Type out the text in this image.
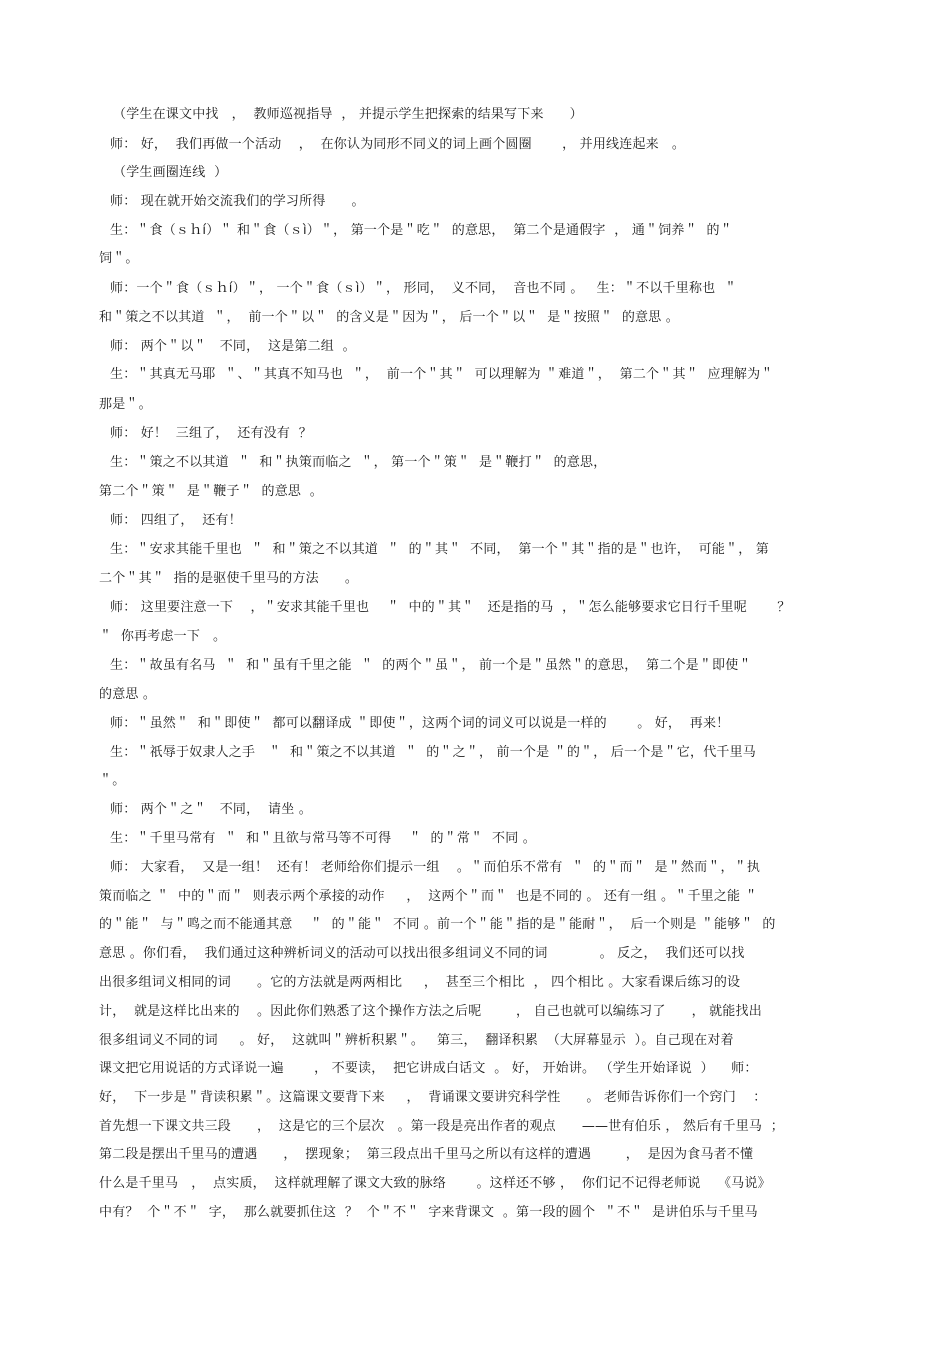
（学生在课文中找   ，  教师巡视指导  ， 并提示学生把探索的结果写下来      ）
师： 好，  我们再做一个活动    ，  在你认为同形不同义的词上画个圆圈       ， 并用线连起来   。
（学生画圈连线  ）
师： 现在就开始交流我们的学习所得      。
生：＂食（ｓｈí）＂ 和＂食（ｓì）＂， 第一个是＂吃＂  的意思，  第二个是通假字  ， 通＂饲养＂  的＂
饲＂。
师：一个＂食（ｓｈí）＂， 一个＂食（ｓì）＂， 形同，  义不同，  音也不同 。   生：＂不以千里称也  ＂
和＂策之不以其道  ＂，  前一个＂以＂  的含义是＂因为＂， 后一个＂以＂  是＂按照＂  的意思 。
师： 两个＂以＂   不同，  这是第二组  。
生：＂其真无马耶  ＂、＂其真不知马也  ＂，  前一个＂其＂  可以理解为 ＂难道＂，  第二个＂其＂  应理解为＂
那是＂。
师： 好！  三组了，  还有没有  ？
生：＂策之不以其道  ＂  和＂执策而临之  ＂， 第一个＂策＂  是＂鞭打＂  的意思，
第二个＂策＂  是＂鞭子＂  的意思  。
师： 四组了，  还有！
生：＂安求其能千里也  ＂  和＂策之不以其道  ＂  的＂其＂  不同，  第一个＂其＂指的是＂也许，  可能＂， 第
二个＂其＂  指的是驱使千里马的方法      。
师： 这里要注意一下    ，＂安求其能千里也    ＂  中的＂其＂   还是指的马  ，＂怎么能够要求它日行千里呢       ？
＂  你再考虑一下   。
生：＂故虽有名马  ＂  和＂虽有千里之能  ＂  的两个＂虽＂， 前一个是＂虽然＂的意思，  第二个是＂即使＂
的意思 。
师：＂虽然＂  和＂即使＂  都可以翻译成 ＂即使＂，这两个词的词义可以说是一样的       。 好，  再来！
生：＂祇辱于奴隶人之手   ＂  和＂策之不以其道  ＂  的＂之＂， 前一个是 ＂的＂， 后一个是＂它，代千里马
＂。
师： 两个＂之＂   不同，  请坐 。
生：＂千里马常有  ＂  和＂且欲与常马等不可得    ＂  的＂常＂  不同 。
师： 大家看，  又是一组！  还有！ 老师给你们提示一组    。＂而伯乐不常有  ＂  的＂而＂  是＂然而＂，＂执
策而临之 ＂  中的＂而＂  则表示两个承接的动作     ，  这两个＂而＂  也是不同的 。 还有一组 。＂千里之能 ＂
的＂能＂  与＂鸣之而不能通其意    ＂  的＂能＂  不同 。前一个＂能＂指的是＂能耐＂，  后一个则是 ＂能够＂  的
意思 。你们看，  我们通过这种辨析词义的活动可以找出很多组词义不同的词            。 反之，  我们还可以找
出很多组词义相同的词      。它的方法就是两两相比     ，  甚至三个相比  ， 四个相比 。大家看课后练习的设
计，  就是这样比出来的    。因此你们熟悉了这个操作方法之后呢        ， 自己也就可以编练习了      ， 就能找出
很多组词义不同的词     。 好，  这就叫＂辨析积累＂。   第三，  翻译积累  （大屏幕显示  ）。自己现在对着
课文把它用说话的方式译说一遍       ， 不要读，  把它讲成白话文  。 好， 开始讲。 （学生开始译说  ）    师：
好，  下一步是＂背读积累＂。这篇课文要背下来     ，  背诵课文要讲究科学性      。 老师告诉你们一个窍门    ：
首先想一下课文共三段      ，  这是它的三个层次   。第一段是亮出作者的观点      ——世有伯乐 ， 然后有千里马  ；
第二段是摆出千里马的遭遇      ，  摆现象；  第三段点出千里马之所以有这样的遭遇        ，  是因为食马者不懂
什么是千里马   ，  点实质，  这样就理解了课文大致的脉络       。这样还不够 ，  你们记不记得老师说    《马说》
中有？  个＂不＂  字，  那么就要抓住这  ？  个＂不＂  字来背课文  。第一段的圆个  ＂不＂  是讲伯乐与千里马
